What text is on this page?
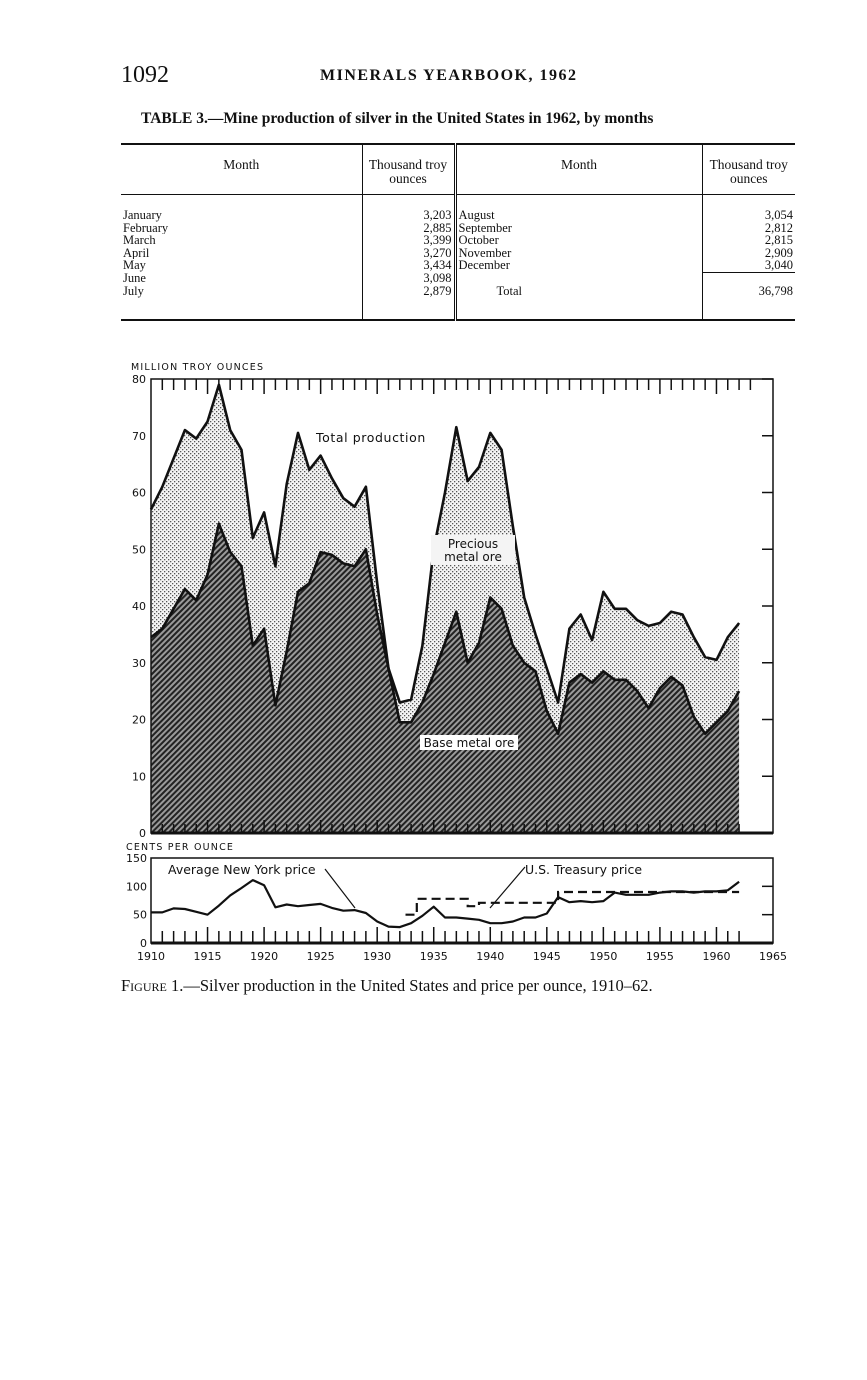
1092	MINERALS YEARBOOK, 1962
TABLE 3.—Mine production of silver in the United States in 1962, by months
Month	Thousand troy ounces	Month	Thousand troy ounces
January	3,203	August	3,054
February	2,885	September	2,812
March	3,399	October	2,815
April	3,270	November	2,909
May	3,434	December	3,040
June	3,098		
July	2,879	Total	36,798
MILLION TROY OUNCES
0
10
20
30
40
50
60
70
80
Total production
Precious
metal ore
Base metal ore
CENTS PER OUNCE
0
50
100
150
1910	1915	1920	1925	1930	1935	1940	1945	1950	1955	1960	1965
Average New York price	U.S. Treasury price
Figure 1.—Silver production in the United States and price per ounce, 1910–62.
